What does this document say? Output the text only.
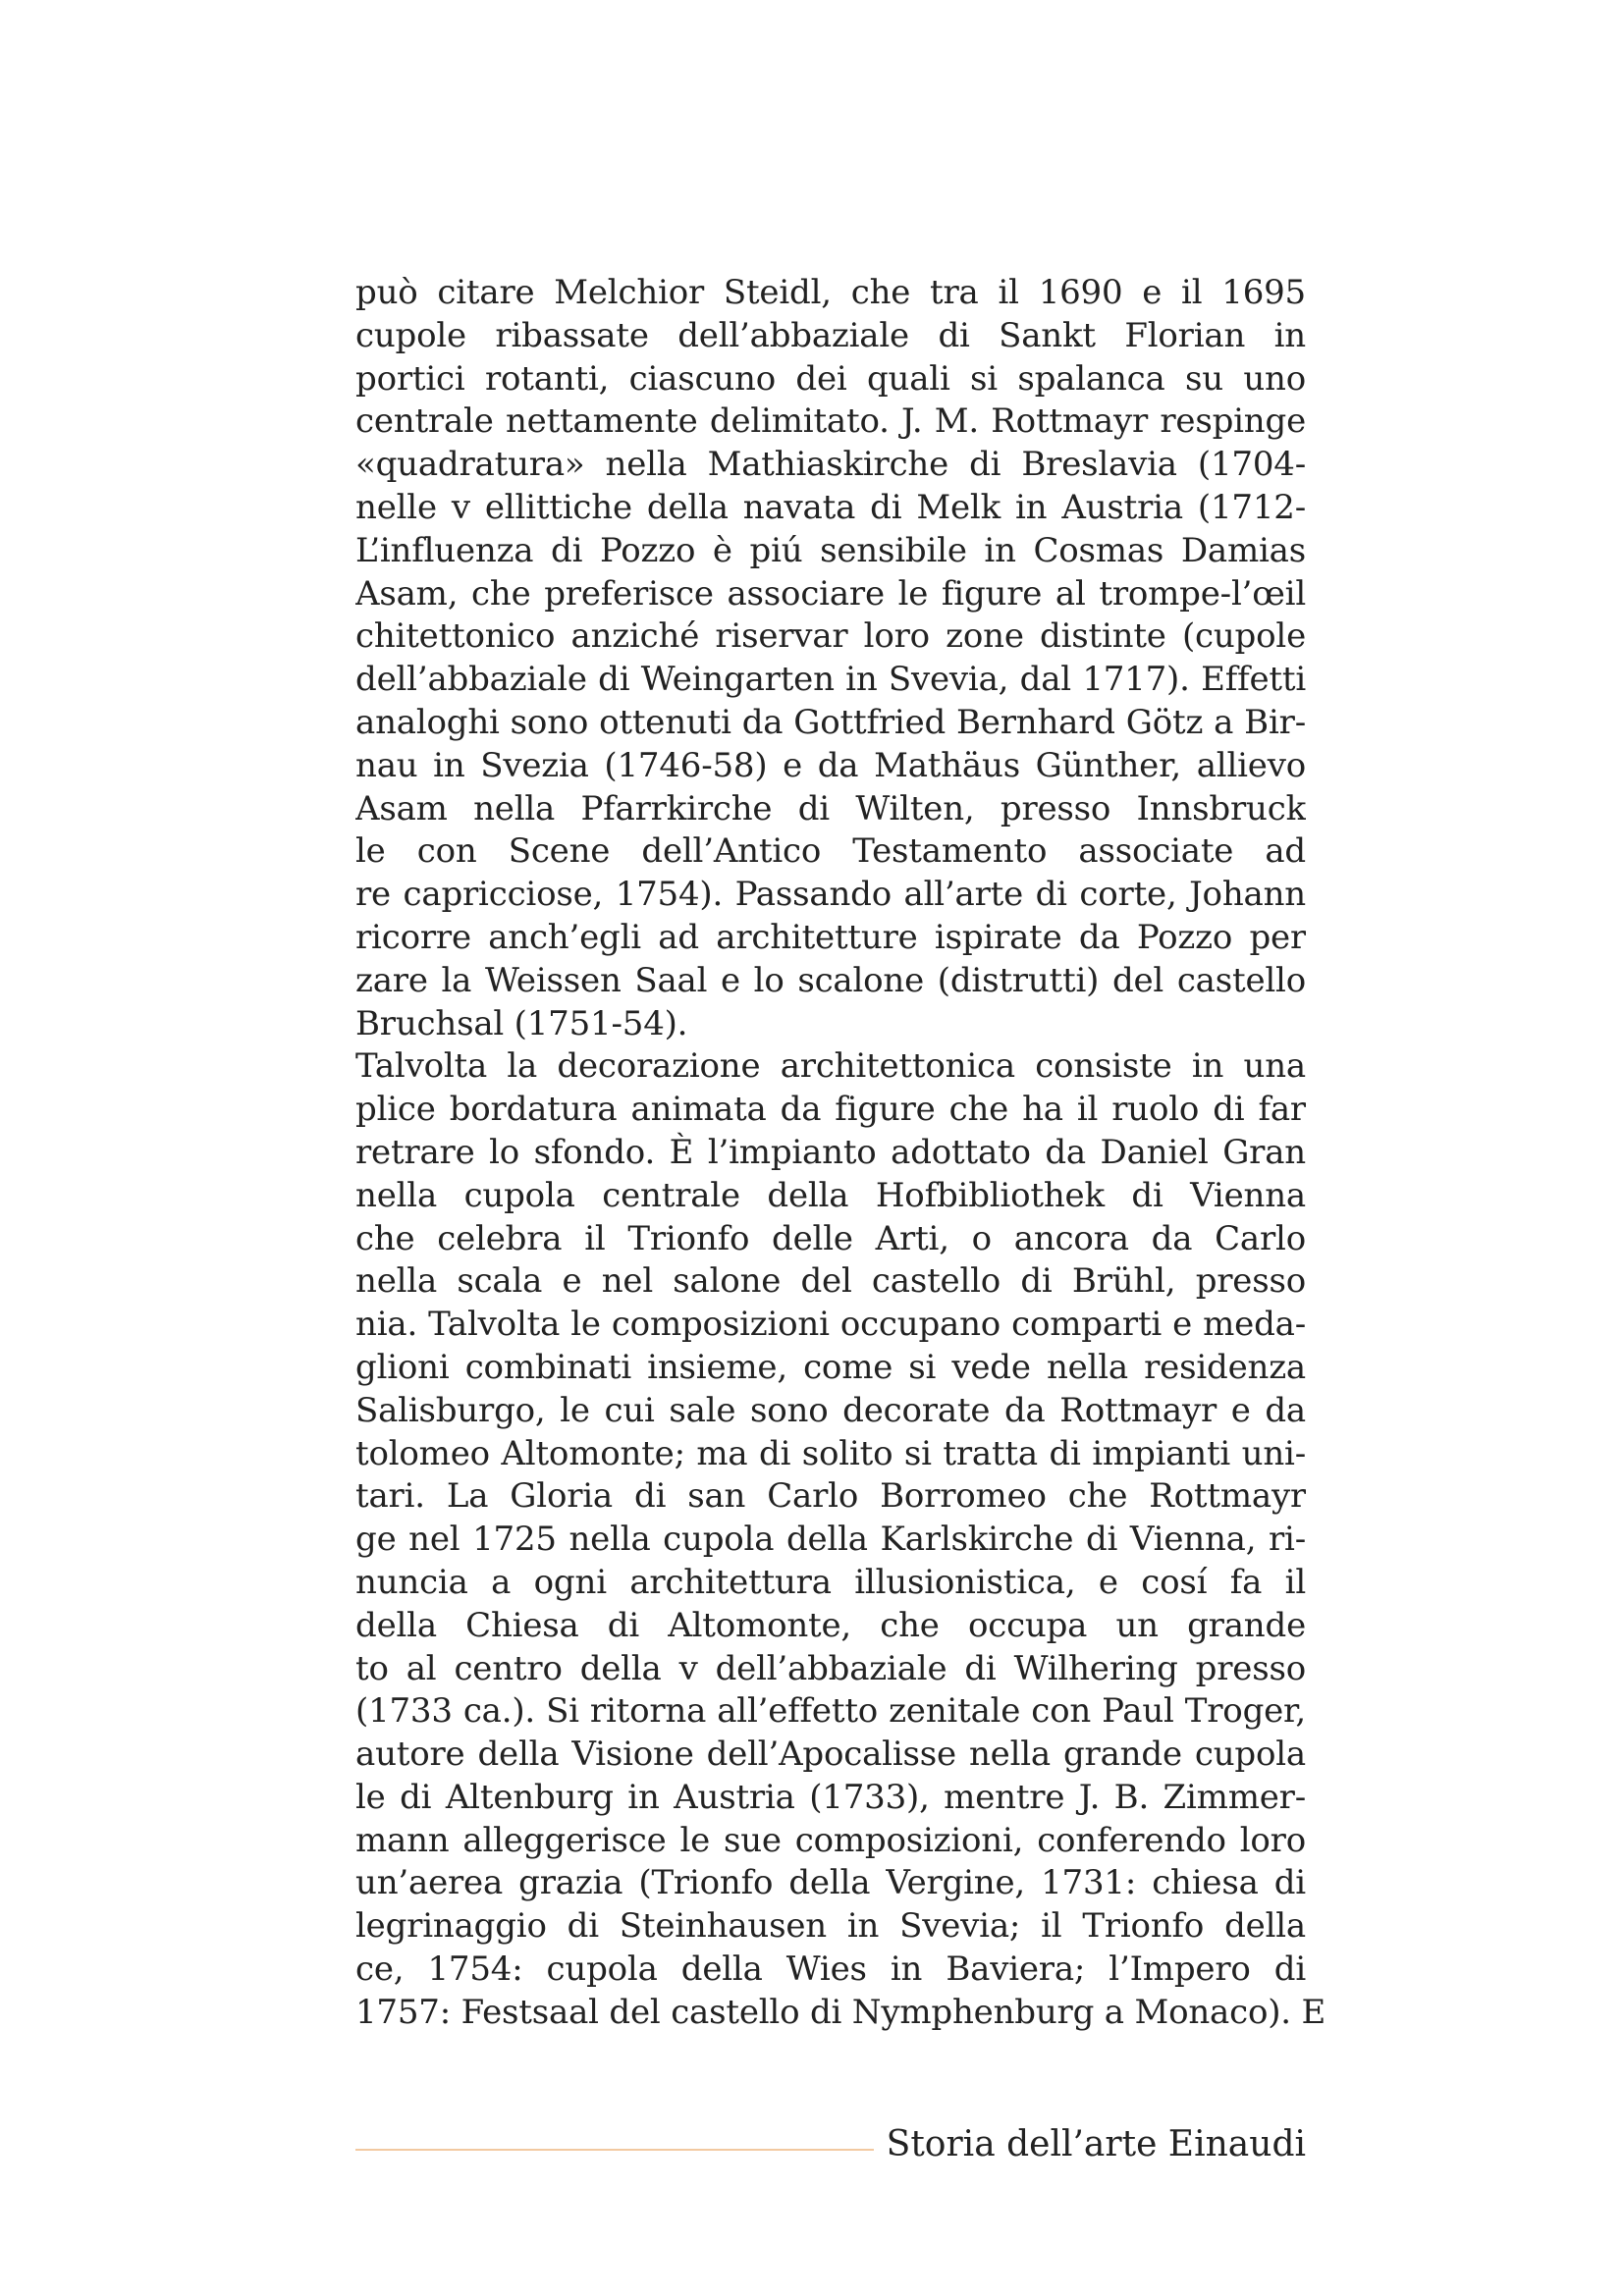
può citare Melchior Steidl, che tra il 1690 e il 1695
cupole ribassate dell’abbaziale di Sankt Florian in
portici rotanti, ciascuno dei quali si spalanca su uno
centrale nettamente delimitato. J. M. Rottmayr respinge
«quadratura» nella Mathiaskirche di Breslavia (1704-
nelle v ellittiche della navata di Melk in Austria (1712-
L’influenza di Pozzo è piú sensibile in Cosmas Damias
Asam, che preferisce associare le figure al trompe-l’œil
chitettonico anziché riservar loro zone distinte (cupole
dell’abbaziale di Weingarten in Svevia, dal 1717). Effetti
analoghi sono ottenuti da Gottfried Bernhard Götz a Bir-
nau in Svezia (1746-58) e da Mathäus Günther, allievo
Asam nella Pfarrkirche di Wilten, presso Innsbruck
le con Scene dell’Antico Testamento associate ad
re capricciose, 1754). Passando all’arte di corte, Johann
ricorre anch’egli ad architetture ispirate da Pozzo per
zare la Weissen Saal e lo scalone (distrutti) del castello
Bruchsal (1751-54).
Talvolta la decorazione architettonica consiste in una
plice bordatura animata da figure che ha il ruolo di far
retrare lo sfondo. È l’impianto adottato da Daniel Gran
nella cupola centrale della Hofbibliothek di Vienna
che celebra il Trionfo delle Arti, o ancora da Carlo
nella scala e nel salone del castello di Brühl, presso
nia. Talvolta le composizioni occupano comparti e meda-
glioni combinati insieme, come si vede nella residenza
Salisburgo, le cui sale sono decorate da Rottmayr e da
tolomeo Altomonte; ma di solito si tratta di impianti uni-
tari. La Gloria di san Carlo Borromeo che Rottmayr
ge nel 1725 nella cupola della Karlskirche di Vienna, ri-
nuncia a ogni architettura illusionistica, e cosí fa il
della Chiesa di Altomonte, che occupa un grande
to al centro della v dell’abbaziale di Wilhering presso
(1733 ca.). Si ritorna all’effetto zenitale con Paul Troger,
autore della Visione dell’Apocalisse nella grande cupola
le di Altenburg in Austria (1733), mentre J. B. Zimmer-
mann alleggerisce le sue composizioni, conferendo loro
un’aerea grazia (Trionfo della Vergine, 1731: chiesa di
legrinaggio di Steinhausen in Svevia; il Trionfo della
ce, 1754: cupola della Wies in Baviera; l’Impero di
1757: Festsaal del castello di Nymphenburg a Monaco). E
Storia dell’arte Einaudi
